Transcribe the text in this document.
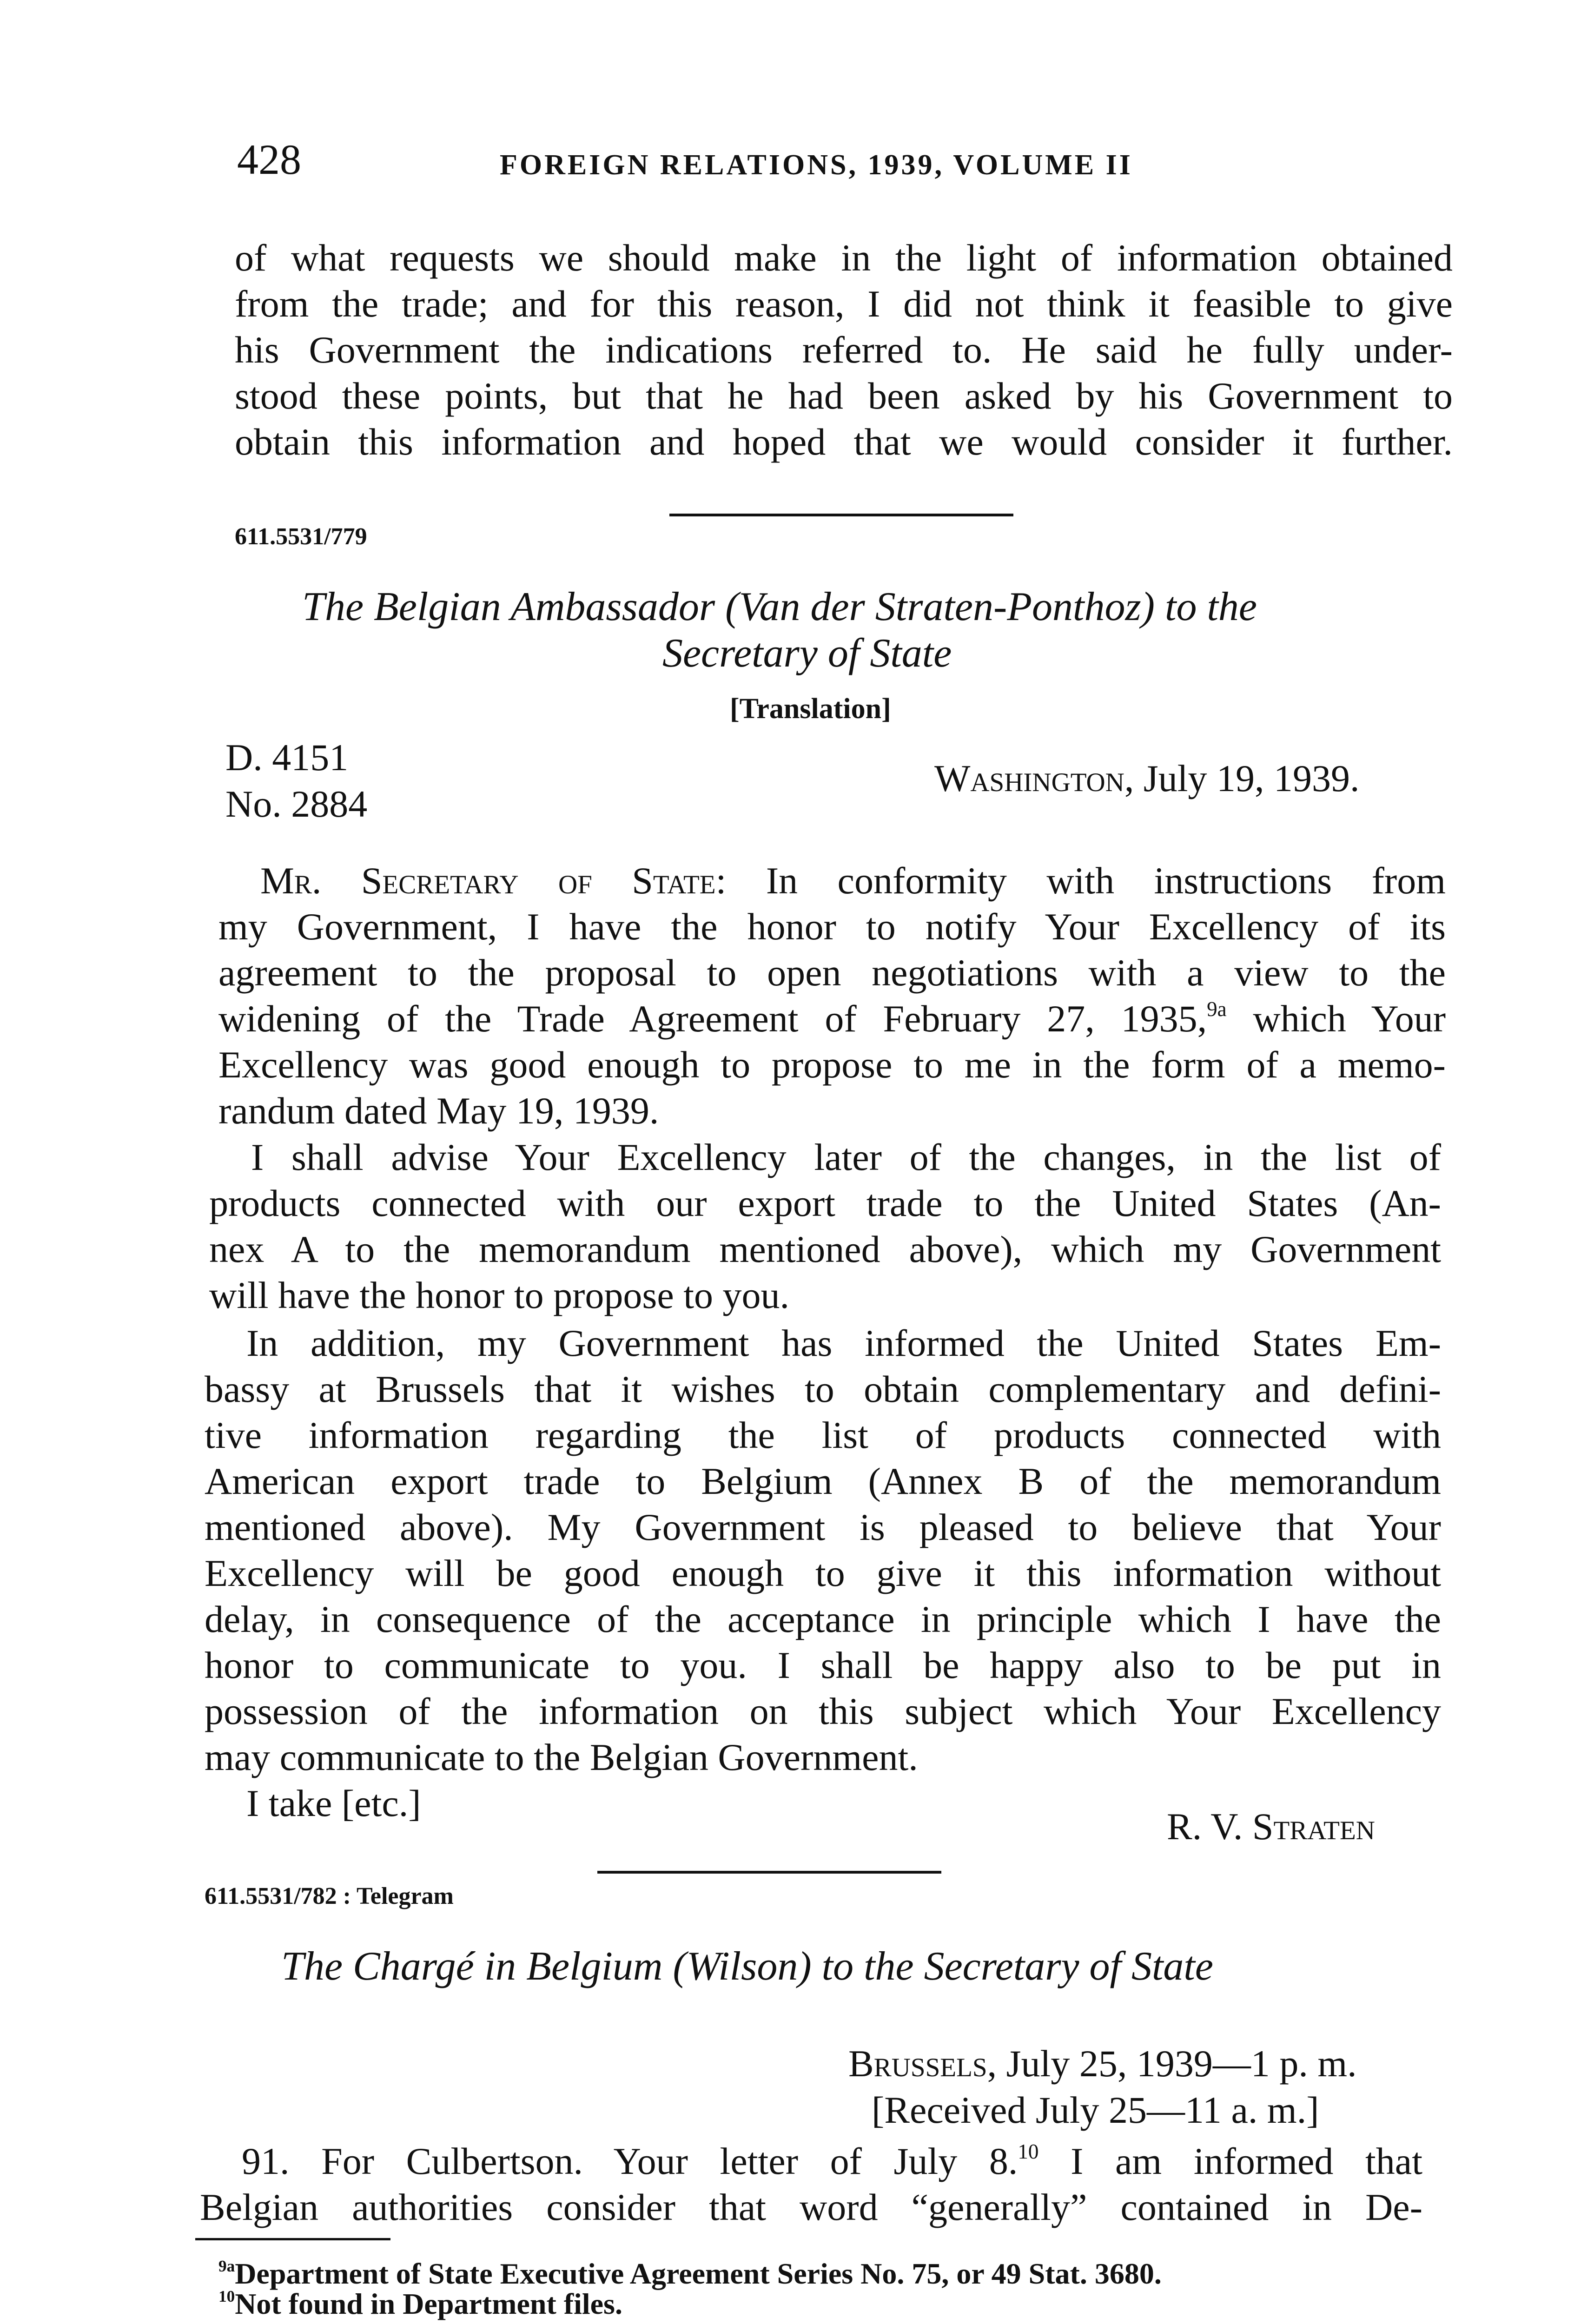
428	FOREIGN RELATIONS, 1939, VOLUME II
of what requests we should make in the light of information obtained
from the trade; and for this reason, I did not think it feasible to give
his Government the indications referred to. He said he fully under-
stood these points, but that he had been asked by his Government to
obtain this information and hoped that we would consider it further.
611.5531/779
The Belgian Ambassador (Van der Straten-Ponthoz) to the
Secretary of State
[Translation]
D. 4151
No. 2884
Washington, July 19, 1939.
Mr. Secretary of State: In conformity with instructions from
my Government, I have the honor to notify Your Excellency of its
agreement to the proposal to open negotiations with a view to the
widening of the Trade Agreement of February 27, 1935,$^{9a}$ which Your
Excellency was good enough to propose to me in the form of a memo-
randum dated May 19, 1939.
I shall advise Your Excellency later of the changes, in the list of
products connected with our export trade to the United States (An-
nex A to the memorandum mentioned above), which my Government
will have the honor to propose to you.
In addition, my Government has informed the United States Em-
bassy at Brussels that it wishes to obtain complementary and defini-
tive information regarding the list of products connected with
American export trade to Belgium (Annex B of the memorandum
mentioned above). My Government is pleased to believe that Your
Excellency will be good enough to give it this information without
delay, in consequence of the acceptance in principle which I have the
honor to communicate to you. I shall be happy also to be put in
possession of the information on this subject which Your Excellency
may communicate to the Belgian Government.
I take [etc.]
R. V. Straten
611.5531/782 : Telegram
The Chargé in Belgium (Wilson) to the Secretary of State
Brussels, July 25, 1939—1 p. m.
[Received July 25—11 a. m.]
91. For Culbertson. Your letter of July 8.10 I am informed that
Belgian authorities consider that word “generally” contained in De-
$^{9a}$Department of State Executive Agreement Series No. 75, or 49 Stat. 3680.
$^{10}$Not found in Department files.
